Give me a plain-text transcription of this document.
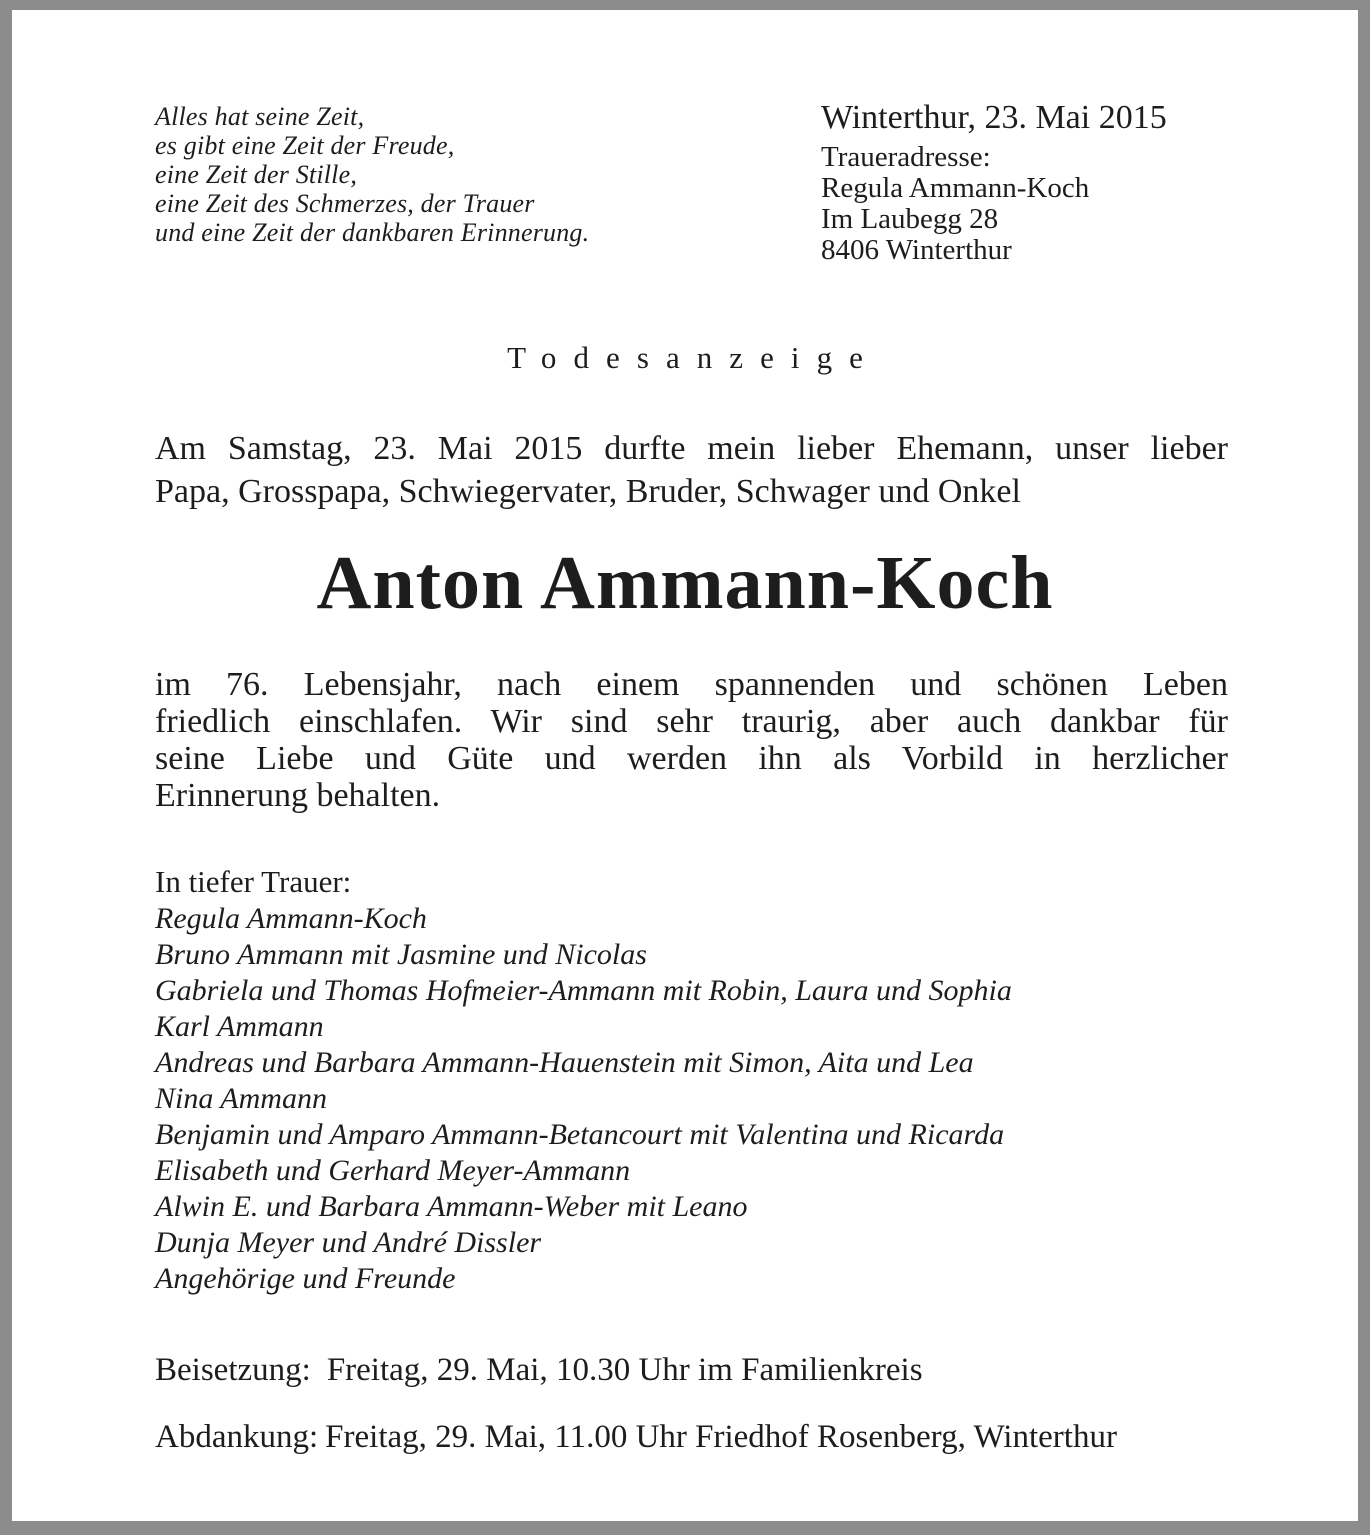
Alles hat seine Zeit,
es gibt eine Zeit der Freude,
eine Zeit der Stille,
eine Zeit des Schmerzes, der Trauer
und eine Zeit der dankbaren Erinnerung.
Winterthur, 23. Mai 2015
Traueradresse:
Regula Ammann-Koch
Im Laubegg 28
8406 Winterthur
Todesanzeige
Am Samstag, 23. Mai 2015 durfte mein lieber Ehemann, unser lieber
Papa, Grosspapa, Schwiegervater, Bruder, Schwager und Onkel
Anton Ammann-Koch
im 76. Lebensjahr, nach einem spannenden und schönen Leben
friedlich einschlafen. Wir sind sehr traurig, aber auch dankbar für
seine Liebe und Güte und werden ihn als Vorbild in herzlicher
Erinnerung behalten.
In tiefer Trauer:
Regula Ammann-Koch
Bruno Ammann mit Jasmine und Nicolas
Gabriela und Thomas Hofmeier-Ammann mit Robin, Laura und Sophia
Karl Ammann
Andreas und Barbara Ammann-Hauenstein mit Simon, Aita und Lea
Nina Ammann
Benjamin und Amparo Ammann-Betancourt mit Valentina und Ricarda
Elisabeth und Gerhard Meyer-Ammann
Alwin E. und Barbara Ammann-Weber mit Leano
Dunja Meyer und André Dissler
Angehörige und Freunde
Beisetzung: Freitag, 29. Mai, 10.30 Uhr im Familienkreis
Abdankung: Freitag, 29. Mai, 11.00 Uhr Friedhof Rosenberg, Winterthur
